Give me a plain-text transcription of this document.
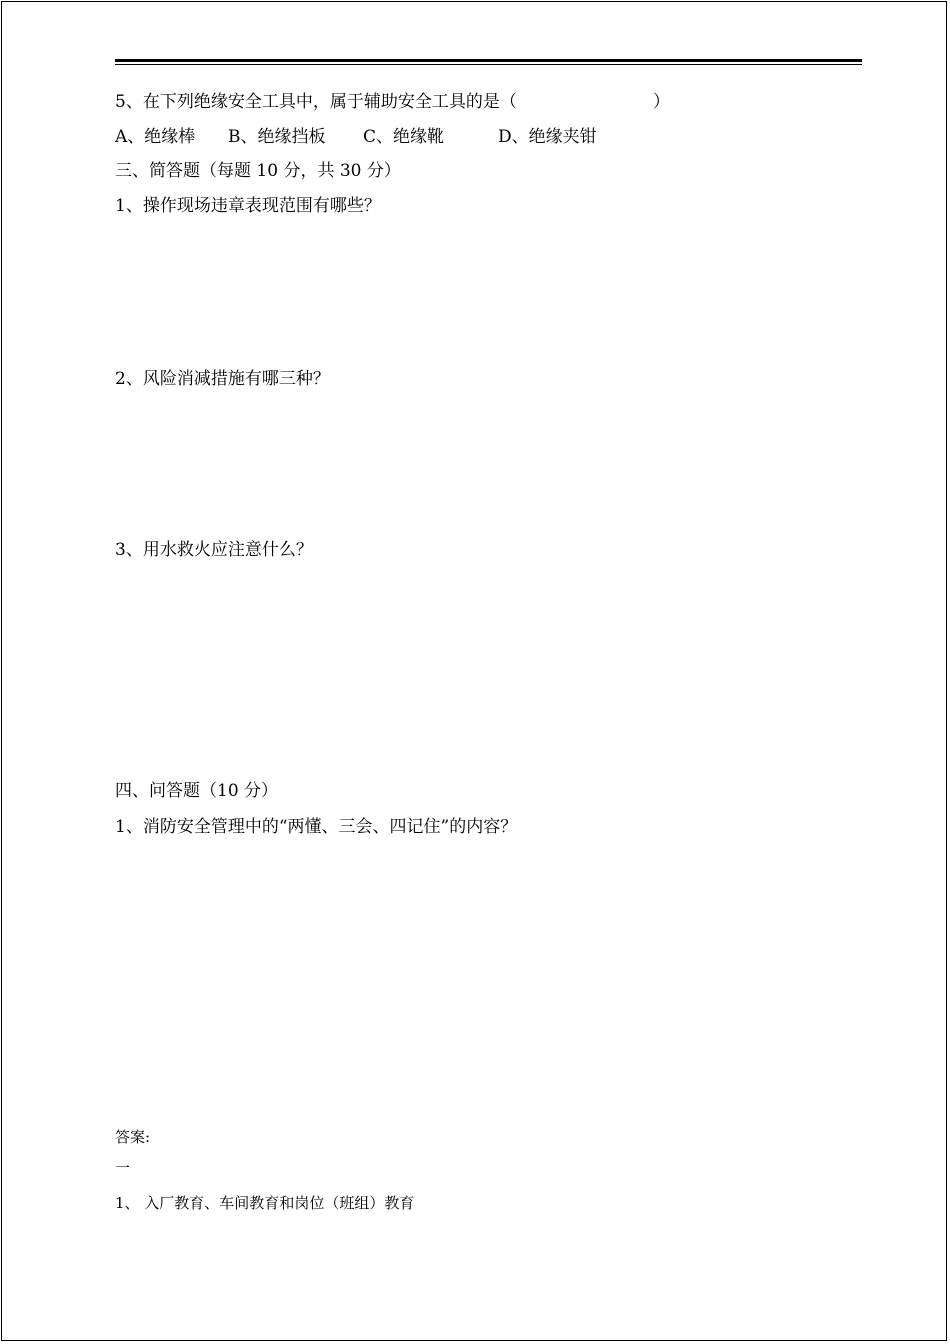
5、在下列绝缘安全工具中，属于辅助安全工具的是（	）

A、绝缘棒

B、绝缘挡板

C、绝缘靴

	D、绝缘夹钳

三、简答题（每题 10 分，共 30 分）

1、操作现场违章表现范围有哪些？

2、风险消减措施有哪三种？

3、用水救火应注意什么？

四、问答题（10 分）

1、消防安全管理中的“两懂、三会、四记住”的内容？

答案:

一

1、 入厂教育、车间教育和岗位（班组）教育
